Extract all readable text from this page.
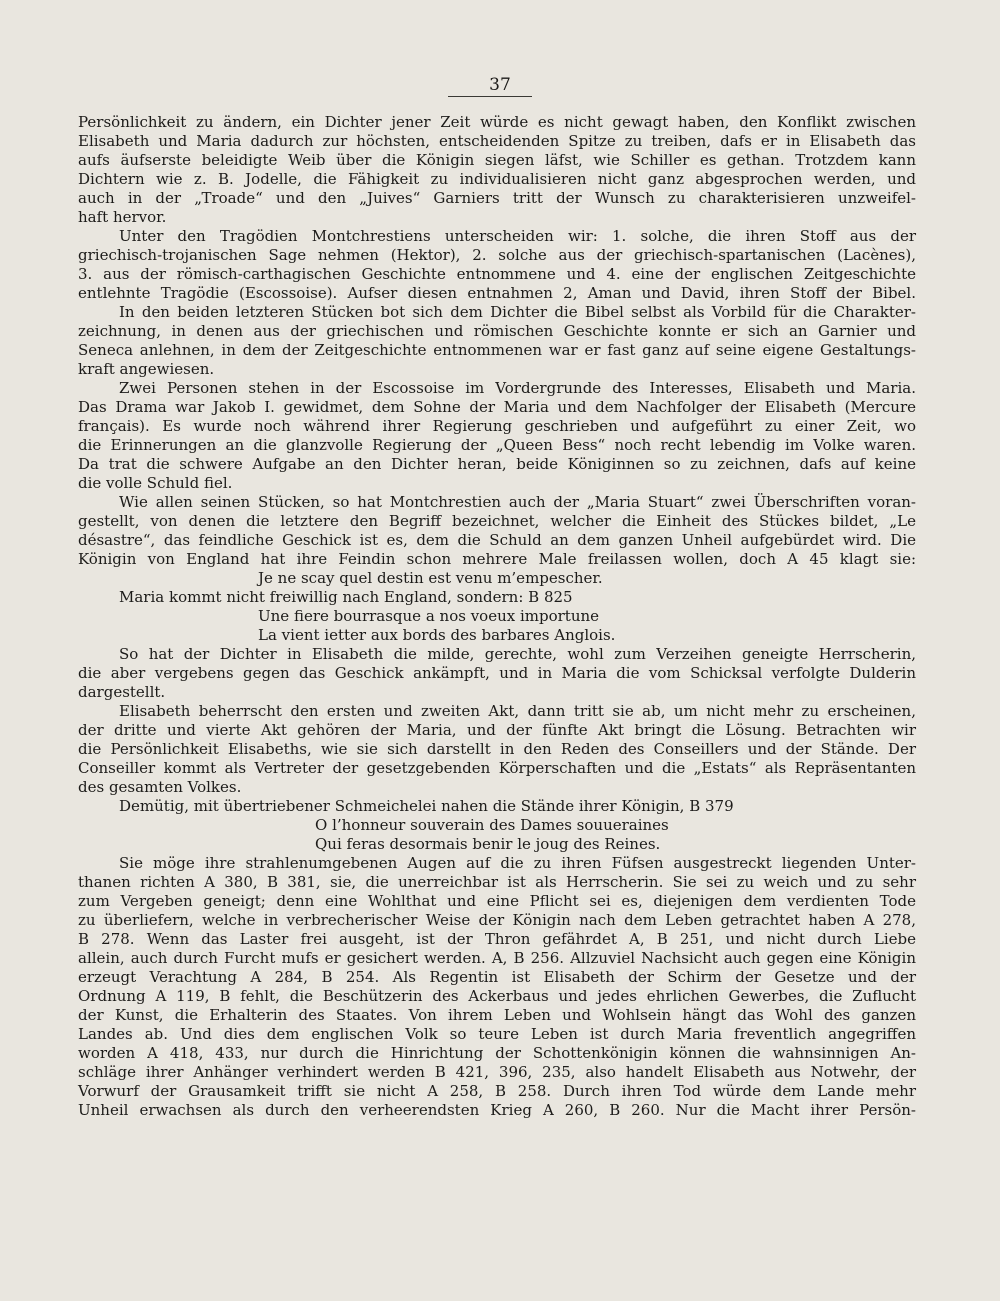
37
Persönlichkeit zu ändern, ein Dichter jener Zeit würde es nicht gewagt haben, den Konflikt zwischen
Elisabeth und Maria dadurch zur höchsten, entscheidenden Spitze zu treiben, dafs er in Elisabeth das
aufs äufserste beleidigte Weib über die Königin siegen läfst, wie Schiller es gethan. Trotzdem kann
Dichtern wie z. B. Jodelle, die Fähigkeit zu individualisieren nicht ganz abgesprochen werden, und
auch in der „Troade“ und den „Juives“ Garniers tritt der Wunsch zu charakterisieren unzweifel-
haft hervor.
Unter den Tragödien Montchrestiens unterscheiden wir: 1. solche, die ihren Stoff aus der
griechisch-trojanischen Sage nehmen (Hektor), 2. solche aus der griechisch-spartanischen (Lacènes),
3. aus der römisch-carthagischen Geschichte entnommene und 4. eine der englischen Zeitgeschichte
entlehnte Tragödie (Escossoise). Aufser diesen entnahmen 2, Aman und David, ihren Stoff der Bibel.
In den beiden letzteren Stücken bot sich dem Dichter die Bibel selbst als Vorbild für die Charakter-
zeichnung, in denen aus der griechischen und römischen Geschichte konnte er sich an Garnier und
Seneca anlehnen, in dem der Zeitgeschichte entnommenen war er fast ganz auf seine eigene Gestaltungs-
kraft angewiesen.
Zwei Personen stehen in der Escossoise im Vordergrunde des Interesses, Elisabeth und Maria.
Das Drama war Jakob I. gewidmet, dem Sohne der Maria und dem Nachfolger der Elisabeth (Mercure
français). Es wurde noch während ihrer Regierung geschrieben und aufgeführt zu einer Zeit, wo
die Erinnerungen an die glanzvolle Regierung der „Queen Bess“ noch recht lebendig im Volke waren.
Da trat die schwere Aufgabe an den Dichter heran, beide Königinnen so zu zeichnen, dafs auf keine
die volle Schuld fiel.
Wie allen seinen Stücken, so hat Montchrestien auch der „Maria Stuart“ zwei Überschriften voran-
gestellt, von denen die letztere den Begriff bezeichnet, welcher die Einheit des Stückes bildet, „Le
désastre“, das feindliche Geschick ist es, dem die Schuld an dem ganzen Unheil aufgebürdet wird. Die
Königin von England hat ihre Feindin schon mehrere Male freilassen wollen, doch A 45 klagt sie:
Je ne scay quel destin est venu m’empescher.
Maria kommt nicht freiwillig nach England, sondern: B 825
Une fiere bourrasque a nos voeux importune
La vient ietter aux bords des barbares Anglois.
So hat der Dichter in Elisabeth die milde, gerechte, wohl zum Verzeihen geneigte Herrscherin,
die aber vergebens gegen das Geschick ankämpft, und in Maria die vom Schicksal verfolgte Dulderin
dargestellt.
Elisabeth beherrscht den ersten und zweiten Akt, dann tritt sie ab, um nicht mehr zu erscheinen,
der dritte und vierte Akt gehören der Maria, und der fünfte Akt bringt die Lösung. Betrachten wir
die Persönlichkeit Elisabeths, wie sie sich darstellt in den Reden des Conseillers und der Stände. Der
Conseiller kommt als Vertreter der gesetzgebenden Körperschaften und die „Estats“ als Repräsentanten
des gesamten Volkes.
Demütig, mit übertriebener Schmeichelei nahen die Stände ihrer Königin, B 379
O l’honneur souverain des Dames souueraines
Qui feras desormais benir le joug des Reines.
Sie möge ihre strahlenumgebenen Augen auf die zu ihren Füfsen ausgestreckt liegenden Unter-
thanen richten A 380, B 381, sie, die unerreichbar ist als Herrscherin. Sie sei zu weich und zu sehr
zum Vergeben geneigt; denn eine Wohlthat und eine Pflicht sei es, diejenigen dem verdienten Tode
zu überliefern, welche in verbrecherischer Weise der Königin nach dem Leben getrachtet haben A 278,
B 278. Wenn das Laster frei ausgeht, ist der Thron gefährdet A, B 251, und nicht durch Liebe
allein, auch durch Furcht mufs er gesichert werden. A, B 256. Allzuviel Nachsicht auch gegen eine Königin
erzeugt Verachtung A 284, B 254. Als Regentin ist Elisabeth der Schirm der Gesetze und der
Ordnung A 119, B fehlt, die Beschützerin des Ackerbaus und jedes ehrlichen Gewerbes, die Zuflucht
der Kunst, die Erhalterin des Staates. Von ihrem Leben und Wohlsein hängt das Wohl des ganzen
Landes ab. Und dies dem englischen Volk so teure Leben ist durch Maria freventlich angegriffen
worden A 418, 433, nur durch die Hinrichtung der Schottenkönigin können die wahnsinnigen An-
schläge ihrer Anhänger verhindert werden B 421, 396, 235, also handelt Elisabeth aus Notwehr, der
Vorwurf der Grausamkeit trifft sie nicht A 258, B 258. Durch ihren Tod würde dem Lande mehr
Unheil erwachsen als durch den verheerendsten Krieg A 260, B 260. Nur die Macht ihrer Persön-
